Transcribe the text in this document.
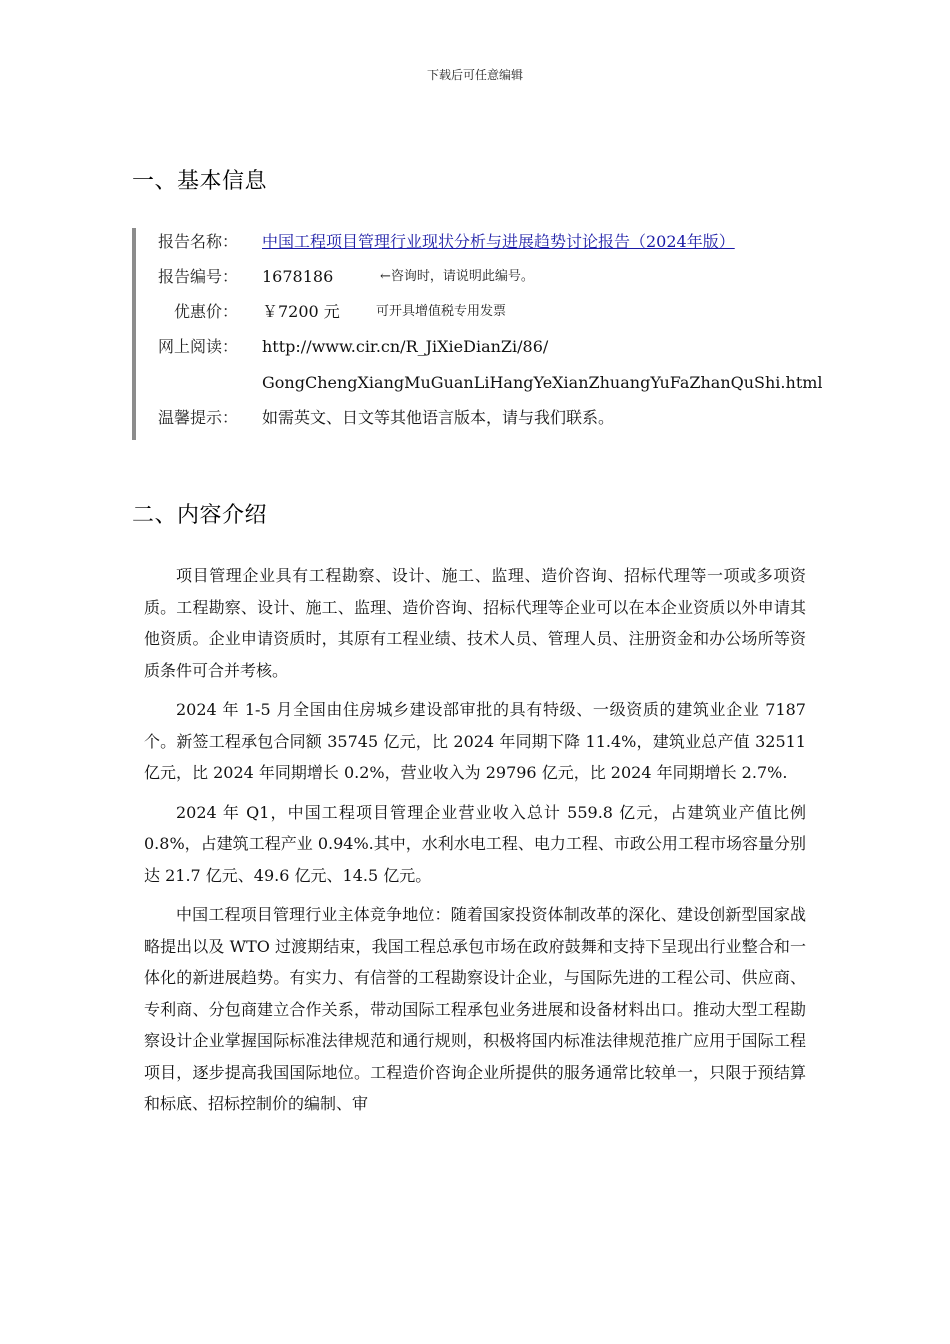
下载后可任意编辑
一、基本信息
报告名称： 中国工程项目管理行业现状分析与进展趋势讨论报告（2024年版）
报告编号： 1678186	←咨询时，请说明此编号。
优惠价： ￥7200 元	可开具增值税专用发票
网上阅读： http://www.cir.cn/R_JiXieDianZi/86/
GongChengXiangMuGuanLiHangYeXianZhuangYuFaZhanQuShi.html
温馨提示： 如需英文、日文等其他语言版本，请与我们联系。
二、内容介绍

项目管理企业具有工程勘察、设计、施工、监理、造价咨询、招标代理等一项或多项资质。工程勘察、设计、施工、监理、造价咨询、招标代理等企业可以在本企业资质以外申请其他资质。企业申请资质时，其原有工程业绩、技术人员、管理人员、注册资金和办公场所等资质条件可合并考核。

2024 年 1-5 月全国由住房城乡建设部审批的具有特级、一级资质的建筑业企业 7187 个。新签工程承包合同额 35745 亿元，比 2024 年同期下降 11.4%，建筑业总产值 32511 亿元，比 2024 年同期增长 0.2%，营业收入为 29796 亿元，比 2024 年同期增长 2.7%.

2024 年 Q1，中国工程项目管理企业营业收入总计 559.8 亿元，占建筑业产值比例 0.8%，占建筑工程产业 0.94%.其中，水利水电工程、电力工程、市政公用工程市场容量分别达 21.7 亿元、49.6 亿元、14.5 亿元。

中国工程项目管理行业主体竞争地位：随着国家投资体制改革的深化、建设创新型国家战略提出以及 WTO 过渡期结束，我国工程总承包市场在政府鼓舞和支持下呈现出行业整合和一体化的新进展趋势。有实力、有信誉的工程勘察设计企业，与国际先进的工程公司、供应商、专利商、分包商建立合作关系，带动国际工程承包业务进展和设备材料出口。推动大型工程勘察设计企业掌握国际标准法律规范和通行规则，积极将国内标准法律规范推广应用于国际工程项目，逐步提高我国国际地位。工程造价咨询企业所提供的服务通常比较单一，只限于预结算和标底、招标控制价的编制、审
